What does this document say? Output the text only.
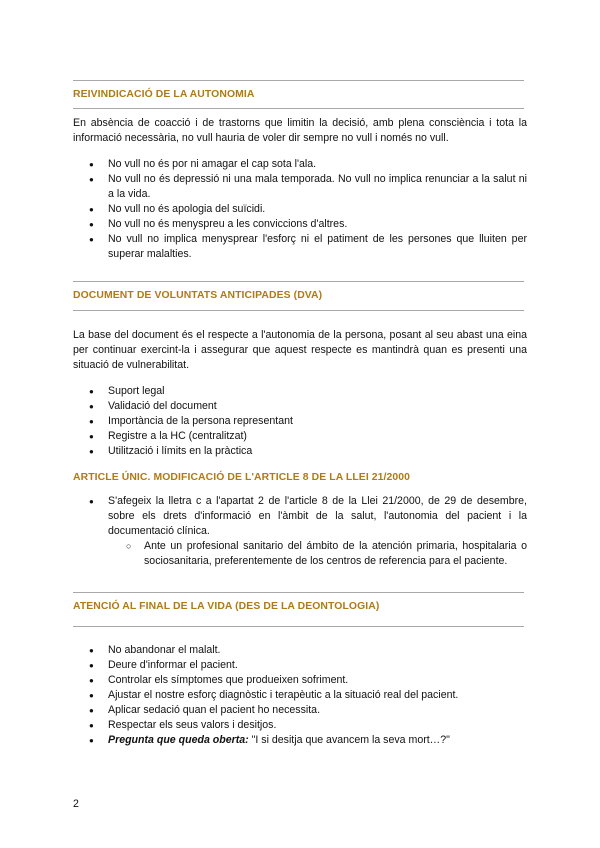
REIVINDICACIÓ DE LA AUTONOMIA

En absència de coacció i de trastorns que limitin la decisió, amb plena consciència i tota la informació necessària, no vull hauria de voler dir sempre no vull i només no vull.

● No vull no és por ni amagar el cap sota l'ala.
● No vull no és depressió ni una mala temporada. No vull no implica renunciar a la salut ni a la vida.
● No vull no és apologia del suïcidi.
● No vull no és menyspreu a les conviccions d'altres.
● No vull no implica menysprear l'esforç ni el patiment de les persones que lluiten per superar malalties.
DOCUMENT DE VOLUNTATS ANTICIPADES (DVA)

La base del document és el respecte a l'autonomia de la persona, posant al seu abast una eina per continuar exercint-la i assegurar que aquest respecte es mantindrà quan es presenti una situació de vulnerabilitat.

● Suport legal
● Validació del document
● Importància de la persona representant
● Registre a la HC (centralitzat)
● Utilització i límits en la pràctica
ARTICLE ÚNIC. MODIFICACIÓ DE L'ARTICLE 8 DE LA LLEI 21/2000
● S'afegeix la lletra c a l'apartat 2 de l'article 8 de la Llei 21/2000, de 29 de desembre, sobre els drets d'informació en l'àmbit de la salut, l'autonomia del pacient i la documentació clínica.
○ Ante un profesional sanitario del ámbito de la atención primaria, hospitalaria o sociosanitaria, preferentemente de los centros de referencia para el paciente.
ATENCIÓ AL FINAL DE LA VIDA (DES DE LA DEONTOLOGIA)
● No abandonar el malalt.
● Deure d'informar el pacient.
● Controlar els símptomes que produeixen sofriment.
● Ajustar el nostre esforç diagnòstic i terapèutic a la situació real del pacient.
● Aplicar sedació quan el pacient ho necessita.
● Respectar els seus valors i desitjos.
● Pregunta que queda oberta: "I si desitja que avancem la seva mort…?"

2
